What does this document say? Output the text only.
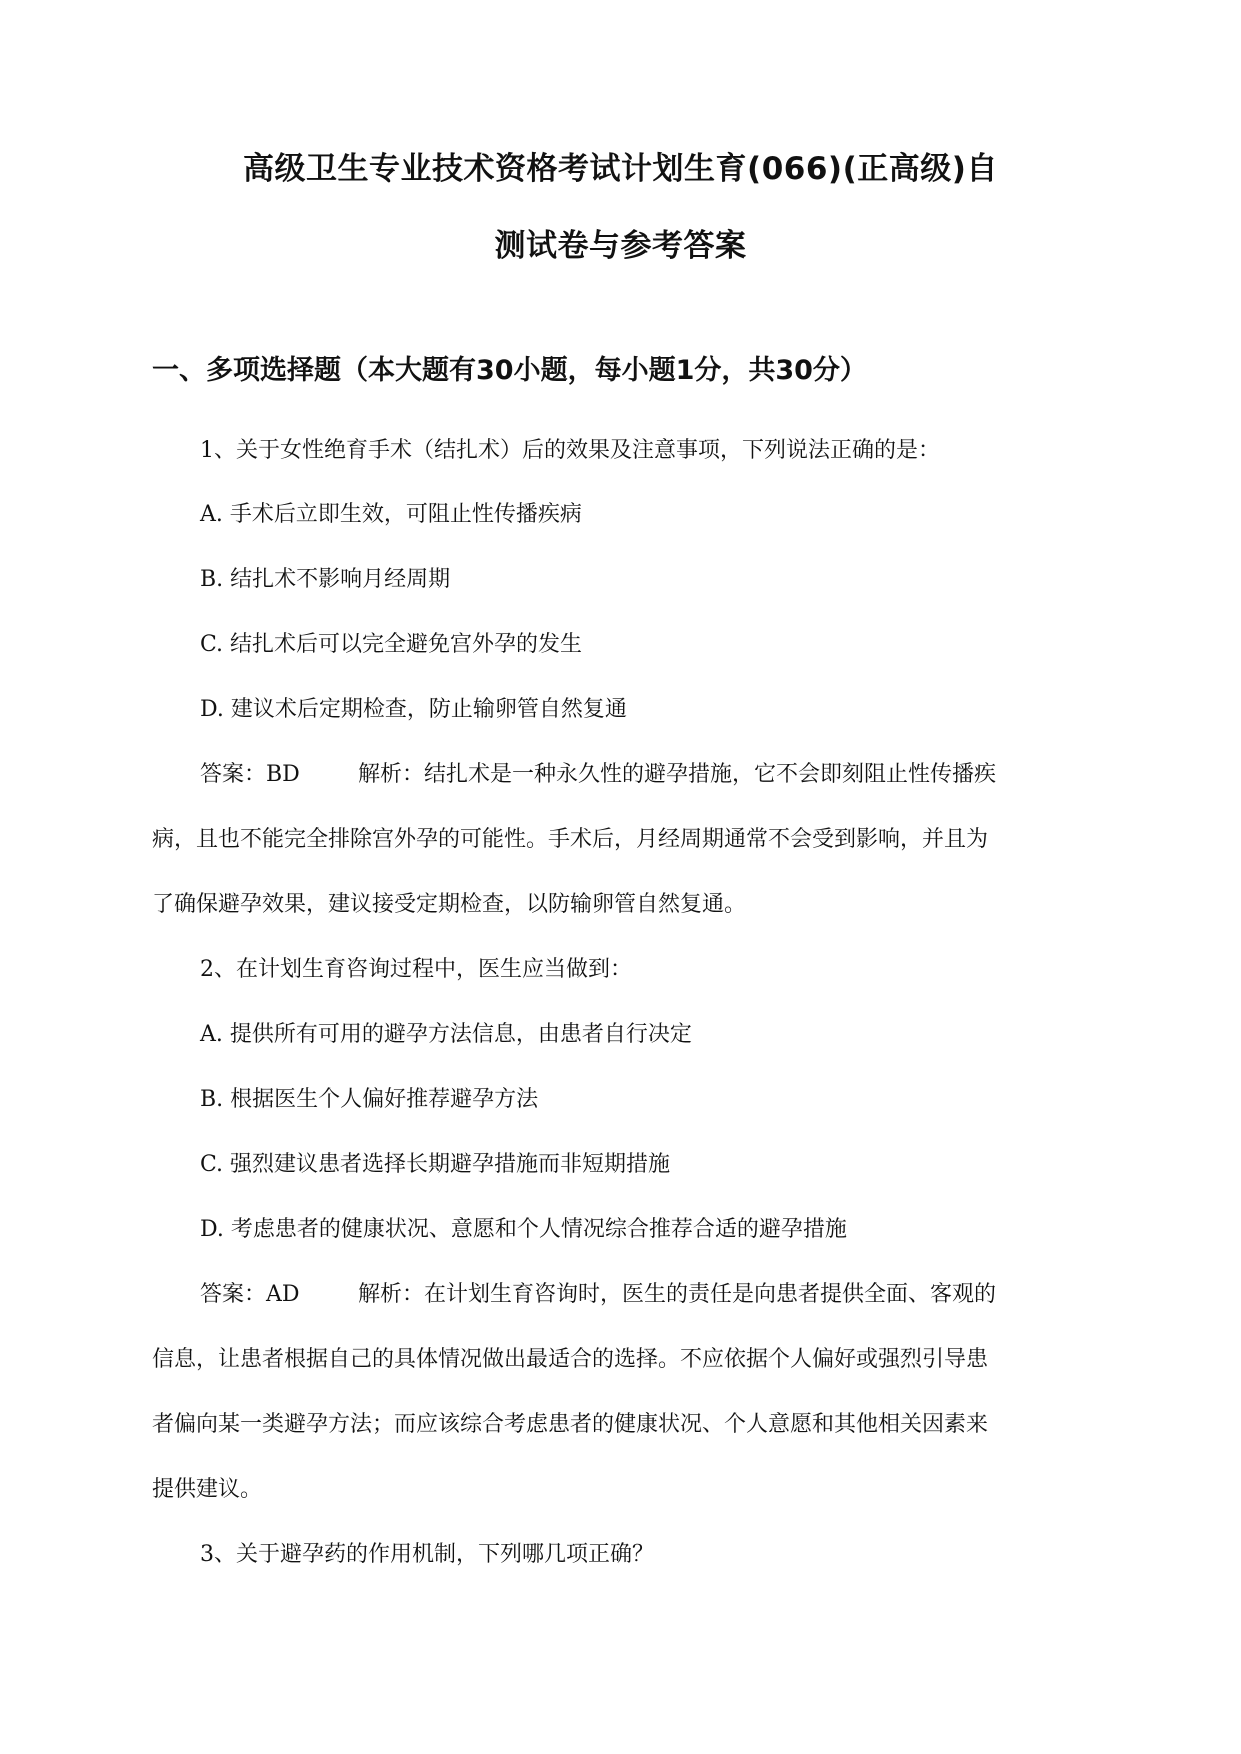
高级卫生专业技术资格考试计划生育(066)(正高级)自
测试卷与参考答案
一、多项选择题（本大题有30小题，每小题1分，共30分）
1、关于女性绝育手术（结扎术）后的效果及注意事项，下列说法正确的是：
A. 手术后立即生效，可阻止性传播疾病
B. 结扎术不影响月经周期
C. 结扎术后可以完全避免宫外孕的发生
D. 建议术后定期检查，防止输卵管自然复通
答案：BD	解析：结扎术是一种永久性的避孕措施，它不会即刻阻止性传播疾
病，且也不能完全排除宫外孕的可能性。手术后，月经周期通常不会受到影响，并且为
了确保避孕效果，建议接受定期检查，以防输卵管自然复通。
2、在计划生育咨询过程中，医生应当做到：
A. 提供所有可用的避孕方法信息，由患者自行决定
B. 根据医生个人偏好推荐避孕方法
C. 强烈建议患者选择长期避孕措施而非短期措施
D. 考虑患者的健康状况、意愿和个人情况综合推荐合适的避孕措施
答案：AD	解析：在计划生育咨询时，医生的责任是向患者提供全面、客观的
信息，让患者根据自己的具体情况做出最适合的选择。不应依据个人偏好或强烈引导患
者偏向某一类避孕方法；而应该综合考虑患者的健康状况、个人意愿和其他相关因素来
提供建议。
3、关于避孕药的作用机制，下列哪几项正确？
